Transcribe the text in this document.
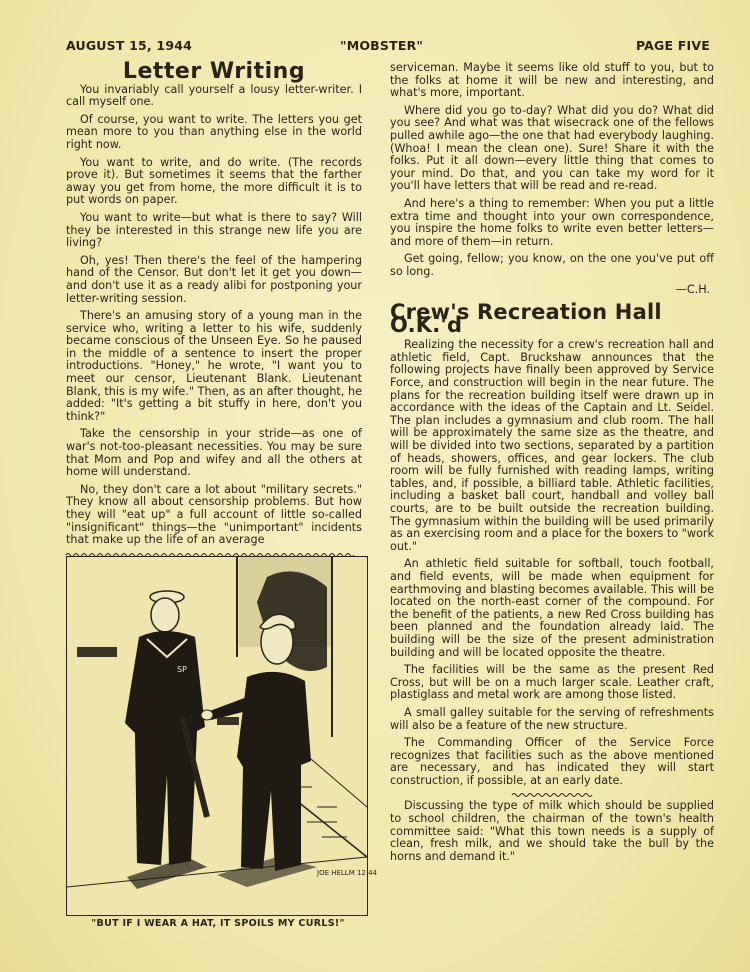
AUGUST 15, 1944	"MOBSTER"	PAGE FIVE
Letter Writing

You invariably call yourself a lousy letter-writer. I call myself one.

Of course, you want to write. The letters you get mean more to you than anything else in the world right now.

You want to write, and do write. (The records prove it). But sometimes it seems that the farther away you get from home, the more difficult it is to put words on paper.

You want to write—but what is there to say? Will they be interested in this strange new life you are living?

Oh, yes! Then there's the feel of the hampering hand of the Censor. But don't let it get you down—and don't use it as a ready alibi for postponing your letter-writing session.

There's an amusing story of a young man in the service who, writing a letter to his wife, suddenly became conscious of the Unseen Eye. So he paused in the middle of a sentence to insert the proper introductions. "Honey," he wrote, "I want you to meet our censor, Lieutenant Blank. Lieutenant Blank, this is my wife." Then, as an after thought, he added: "It's getting a bit stuffy in here, don't you think?"

Take the censorship in your stride—as one of war's not-too-pleasant necessities. You may be sure that Mom and Pop and wifey and all the others at home will understand.

No, they don't care a lot about "military secrets." They know all about censorship problems. But how they will "eat up" a full account of little so-called "insignificant" things—the "unimportant" incidents that make up the life of an average

SP
JOE HELLM 12.44
"BUT IF I WEAR A HAT, IT SPOILS MY CURLS!"

serviceman. Maybe it seems like old stuff to you, but to the folks at home it will be new and interesting, and what's more, important.

Where did you go to-day? What did you do? What did you see? And what was that wisecrack one of the fellows pulled awhile ago—the one that had everybody laughing. (Whoa! I mean the clean one). Sure! Share it with the folks. Put it all down—every little thing that comes to your mind. Do that, and you can take my word for it you'll have letters that will be read and re-read.

And here's a thing to remember: When you put a little extra time and thought into your own correspondence, you inspire the home folks to write even better letters—and more of them—in return.

Get going, fellow; you know, on the one you've put off so long.

—C.H.
Crew's Recreation Hall O.K.'d

Realizing the necessity for a crew's recreation hall and athletic field, Capt. Bruckshaw announces that the following projects have finally been approved by Service Force, and construction will begin in the near future. The plans for the recreation building itself were drawn up in accordance with the ideas of the Captain and Lt. Seidel. The plan includes a gymnasium and club room. The hall will be approximately the same size as the theatre, and will be divided into two sections, separated by a partition of heads, showers, offices, and gear lockers. The club room will be fully furnished with reading lamps, writing tables, and, if possible, a billiard table. Athletic facilities, including a basket ball court, handball and volley ball courts, are to be built outside the recreation building. The gymnasium within the building will be used primarily as an exercising room and a place for the boxers to "work out."

An athletic field suitable for softball, touch football, and field events, will be made when equipment for earthmoving and blasting becomes available. This will be located on the north-east corner of the compound. For the benefit of the patients, a new Red Cross building has been planned and the foundation already laid. The building will be the size of the present administration building and will be located opposite the theatre.

The facilities will be the same as the present Red Cross, but will be on a much larger scale. Leather craft, plastiglass and metal work are among those listed.

A small galley suitable for the serving of refreshments will also be a feature of the new structure.

The Commanding Officer of the Service Force recognizes that facilities such as the above mentioned are necessary, and has indicated they will start construction, if possible, at an early date.

Discussing the type of milk which should be supplied to school children, the chairman of the town's health committee said: "What this town needs is a supply of clean, fresh milk, and we should take the bull by the horns and demand it."
